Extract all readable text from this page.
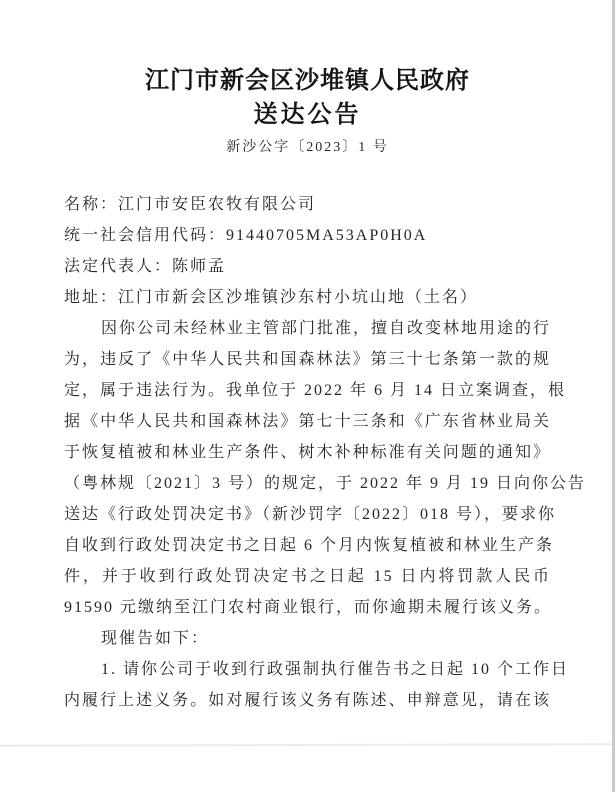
江门市新会区沙堆镇人民政府
送达公告
新沙公字〔2023〕1 号
名称：江门市安臣农牧有限公司
统一社会信用代码：91440705MA53AP0H0A
法定代表人：陈师孟
地址：江门市新会区沙堆镇沙东村小坑山地（土名）
因你公司未经林业主管部门批准，擅自改变林地用途的行
为，违反了《中华人民共和国森林法》第三十七条第一款的规
定，属于违法行为。我单位于 2022 年 6 月 14 日立案调查，根
据《中华人民共和国森林法》第七十三条和《广东省林业局关
于恢复植被和林业生产条件、树木补种标准有关问题的通知》
（粤林规〔2021〕3 号）的规定，于 2022 年 9 月 19 日向你公告
送达《行政处罚决定书》（新沙罚字〔2022〕018 号），要求你
自收到行政处罚决定书之日起 6 个月内恢复植被和林业生产条
件，并于收到行政处罚决定书之日起 15 日内将罚款人民币
91590 元缴纳至江门农村商业银行，而你逾期未履行该义务。
现催告如下：
1. 请你公司于收到行政强制执行催告书之日起 10 个工作日
内履行上述义务。如对履行该义务有陈述、申辩意见，请在该
